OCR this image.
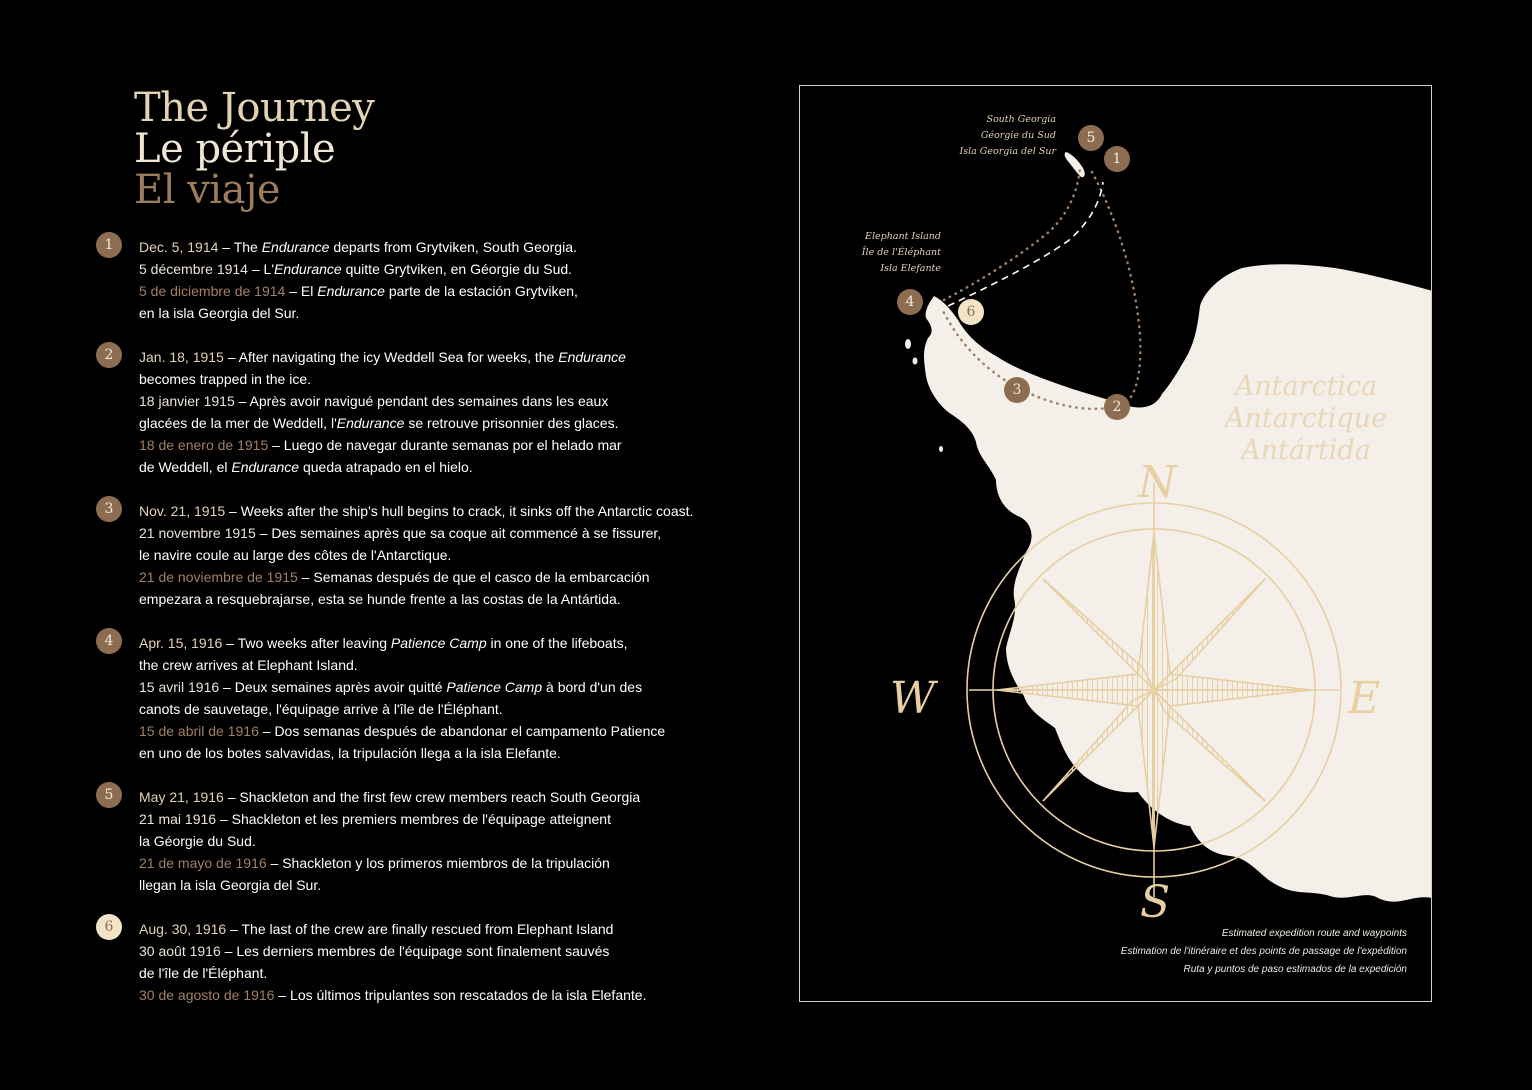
The Journey
Le périple
El viaje
1	Dec. 5, 1914 – The Endurance departs from Grytviken, South Georgia.
5 décembre 1914 – L'Endurance quitte Grytviken, en Géorgie du Sud.
5 de diciembre de 1914 – El Endurance parte de la estación Grytviken,
en la isla Georgia del Sur.
2	Jan. 18, 1915 – After navigating the icy Weddell Sea for weeks, the Endurance
becomes trapped in the ice.
18 janvier 1915 – Après avoir navigué pendant des semaines dans les eaux
glacées de la mer de Weddell, l'Endurance se retrouve prisonnier des glaces.
18 de enero de 1915 – Luego de navegar durante semanas por el helado mar
de Weddell, el Endurance queda atrapado en el hielo.
3	Nov. 21, 1915 – Weeks after the ship's hull begins to crack, it sinks off the Antarctic coast.
21 novembre 1915 – Des semaines après que sa coque ait commencé à se fissurer,
le navire coule au large des côtes de l'Antarctique.
21 de noviembre de 1915 – Semanas después de que el casco de la embarcación
empezara a resquebrajarse, esta se hunde frente a las costas de la Antártida.
4	Apr. 15, 1916 – Two weeks after leaving Patience Camp in one of the lifeboats,
the crew arrives at Elephant Island.
15 avril 1916 – Deux semaines après avoir quitté Patience Camp à bord d'un des
canots de sauvetage, l'équipage arrive à l'île de l'Éléphant.
15 de abril de 1916 – Dos semanas después de abandonar el campamento Patience
en uno de los botes salvavidas, la tripulación llega a la isla Elefante.
5	May 21, 1916 – Shackleton and the first few crew members reach South Georgia
21 mai 1916 – Shackleton et les premiers membres de l'équipage atteignent
la Géorgie du Sud.
21 de mayo de 1916 – Shackleton y los primeros miembros de la tripulación
llegan la isla Georgia del Sur.
6	Aug. 30, 1916 – The last of the crew are finally rescued from Elephant Island
30 août 1916 – Les derniers membres de l'équipage sont finalement sauvés
de l'île de l'Éléphant.
30 de agosto de 1916 – Los últimos tripulantes son rescatados de la isla Elefante.
South Georgia
Géorgie du Sud
Isla Georgia del Sur
Elephant Island
Île de l'Éléphant
Isla Elefante
Antarctica
Antarctique
Antártida
N
S
W	E
1
2
3
4
5
6
Estimated expedition route and waypoints
Estimation de l'itinéraire et des points de passage de l'expédition
Ruta y puntos de paso estimados de la expedición
